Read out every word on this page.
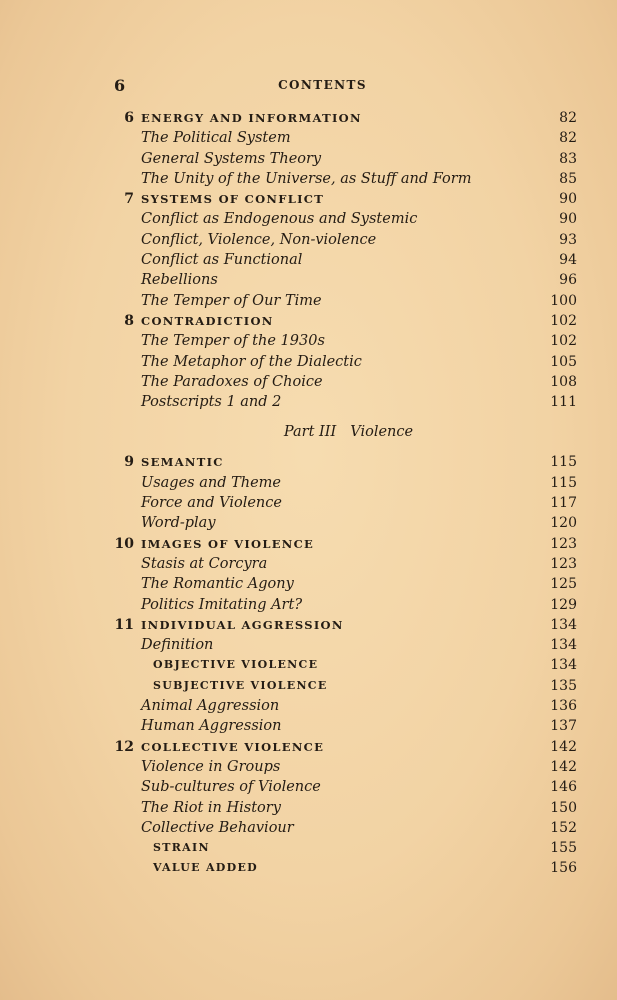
6	CONTENTS
6 ENERGY AND INFORMATION	82
The Political System	82
General Systems Theory	83
The Unity of the Universe, as Stuff and Form	85
7 SYSTEMS OF CONFLICT	90
Conflict as Endogenous and Systemic	90
Conflict, Violence, Non-violence	93
Conflict as Functional	94
Rebellions	96
The Temper of Our Time	100
8 CONTRADICTION	102
The Temper of the 1930s	102
The Metaphor of the Dialectic	105
The Paradoxes of Choice	108
Postscripts 1 and 2	111
Part III Violence
9 SEMANTIC	115
Usages and Theme	115
Force and Violence	117
Word-play	120
10 IMAGES OF VIOLENCE	123
Stasis at Corcyra	123
The Romantic Agony	125
Politics Imitating Art?	129
11 INDIVIDUAL AGGRESSION	134
Definition	134
OBJECTIVE VIOLENCE	134
SUBJECTIVE VIOLENCE	135
Animal Aggression	136
Human Aggression	137
12 COLLECTIVE VIOLENCE	142
Violence in Groups	142
Sub-cultures of Violence	146
The Riot in History	150
Collective Behaviour	152
STRAIN	155
VALUE ADDED	156
